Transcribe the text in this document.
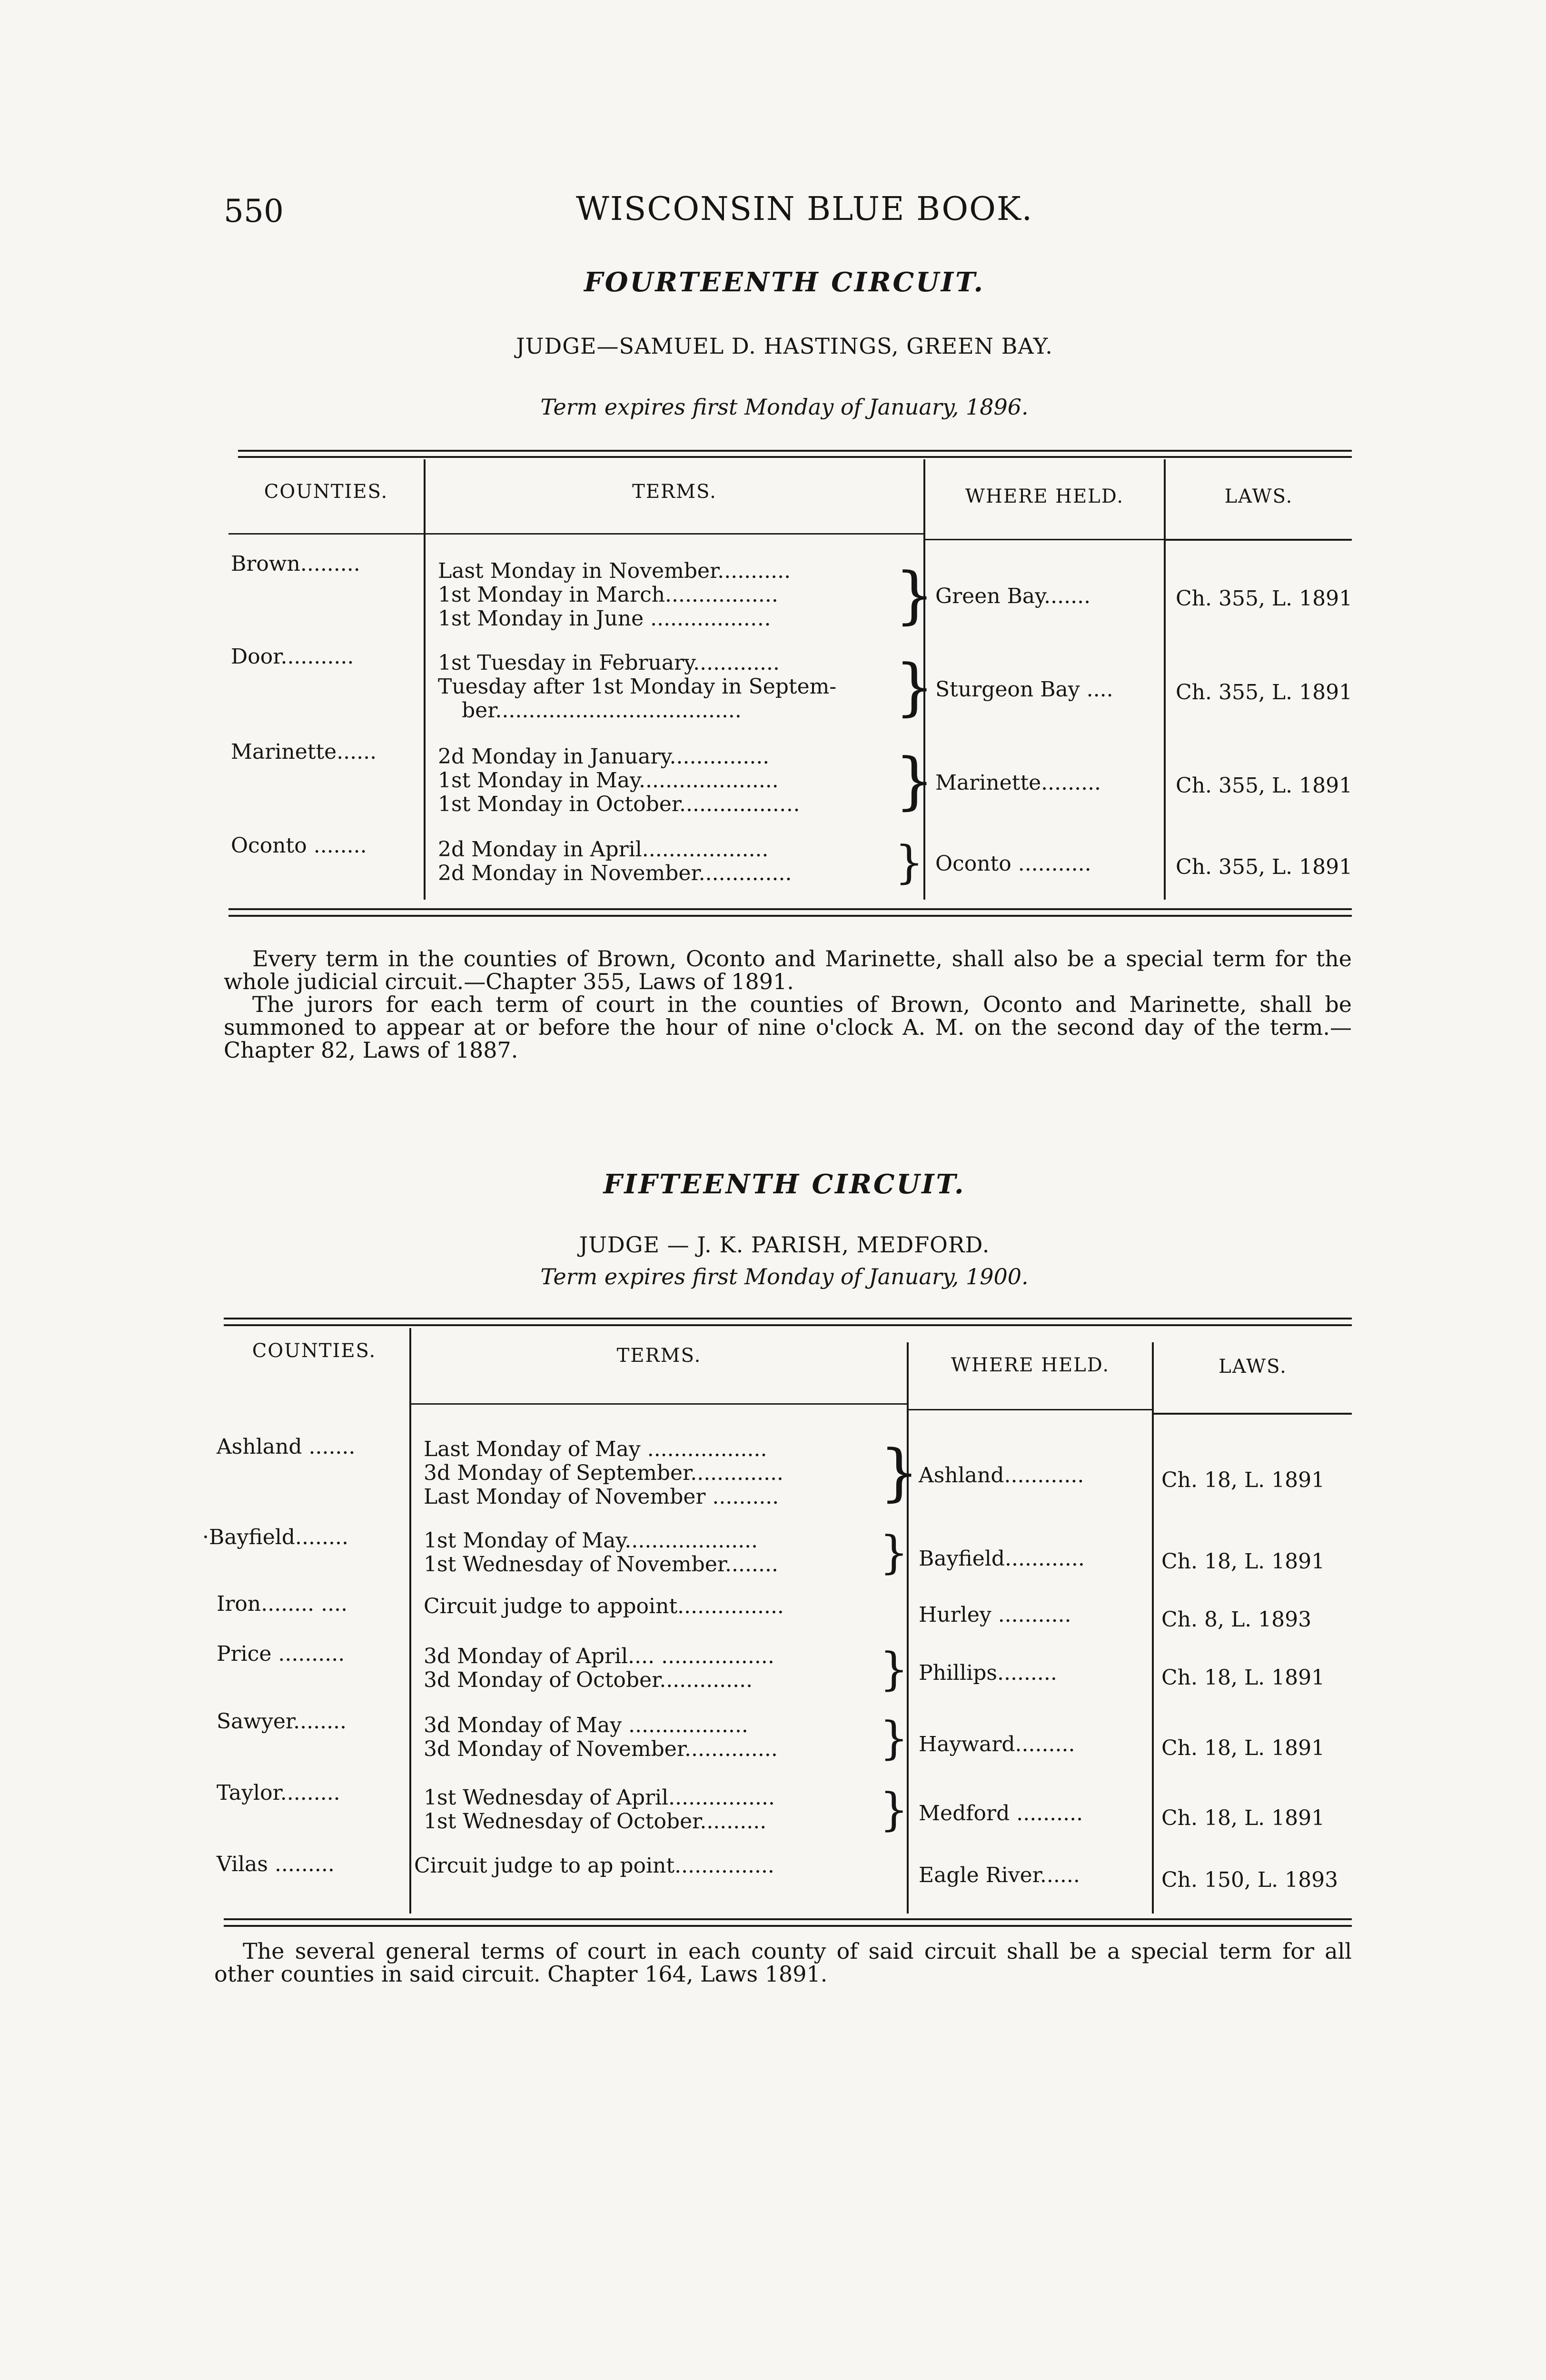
550	WISCONSIN BLUE BOOK.
FOURTEENTH CIRCUIT.
JUDGE—SAMUEL D. HASTINGS, GREEN BAY.
Term expires first Monday of January, 1896.
COUNTIES.	TERMS.	WHERE HELD.	LAWS.
Brown.........	Last Monday in November...........
1st Monday in March.................
1st Monday in June ...............…	} Green Bay.......	Ch. 355, L. 1891
Door...........	1st Tuesday in February.............
Tuesday after 1st Monday in Septem-
ber.....................................	} Sturgeon Bay ....	Ch. 355, L. 1891
Marinette......	2d Monday in January...............
1st Monday in May.....................
1st Monday in October...............… } Marinette.........	Ch. 355, L. 1891
Oconto ........	2d Monday in April...................
2d Monday in November.............. } Oconto ...........	Ch. 355, L. 1891

Every term in the counties of Brown, Oconto and Marinette, shall also be a special term for the whole judicial circuit.—Chapter 355, Laws of 1891.

The jurors for each term of court in the counties of Brown, Oconto and Marinette, shall be summoned to appear at or before the hour of nine o'clock A. M. on the second day of the term.—Chapter 82, Laws of 1887.

FIFTEENTH CIRCUIT.
JUDGE — J. K. PARISH, MEDFORD.
Term expires first Monday of January, 1900.
COUNTIES.	TERMS.	WHERE HELD.	LAWS.
Ashland .......	Last Monday of May ..................
3d Monday of September..............
Last Monday of November .......... } Ashland............	Ch. 18, L. 1891
·Bayfield........	1st Monday of May....................
1st Wednesday of November........ } Bayfield............	Ch. 18, L. 1891
Iron........ ....	Circuit judge to appoint................	Hurley ...........	Ch. 8, L. 1893
Price ..........	3d Monday of April.... .................
3d Monday of October..............	} Phillips.........	Ch. 18, L. 1891
Sawyer........	3d Monday of May ..................
3d Monday of November.............. } Hayward.........	Ch. 18, L. 1891
Taylor.........	1st Wednesday of April................
1st Wednesday of October..........	} Medford ..........	Ch. 18, L. 1891
Vilas .........	Circuit judge to ap point...............	Eagle River......	Ch. 150, L. 1893

The several general terms of court in each county of said circuit shall be a special term for all other counties in said circuit. Chapter 164, Laws 1891.
